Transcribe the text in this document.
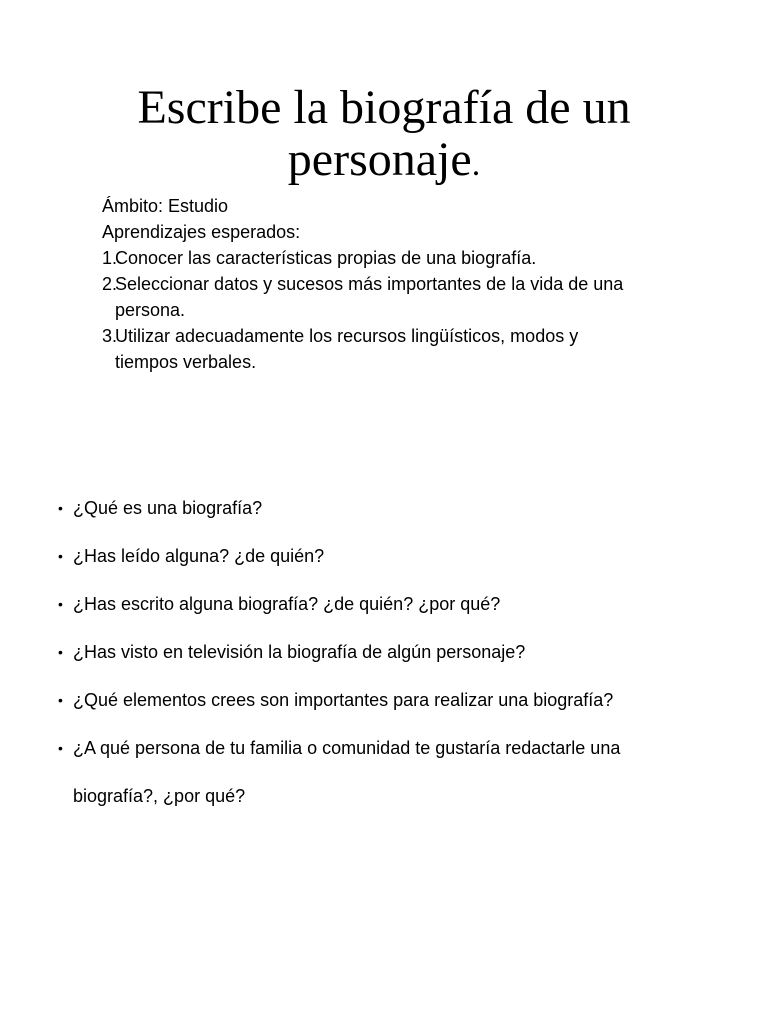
Escribe la biografía de un
personaje.

Ámbito: Estudio

Aprendizajes esperados:

1.
Conocer las características propias de una biografía.
2.
Seleccionar datos y sucesos más importantes de la vida de una
persona.
3.
Utilizar adecuadamente los recursos lingüísticos, modos y
tiempos verbales.
• ¿Qué es una biografía?
• ¿Has leído alguna? ¿de quién?
• ¿Has escrito alguna biografía? ¿de quién? ¿por qué?
• ¿Has visto en televisión la biografía de algún personaje?
• ¿Qué elementos crees son importantes para realizar una biografía?
• ¿A qué persona de tu familia o comunidad te gustaría redactarle una
biografía?, ¿por qué?
